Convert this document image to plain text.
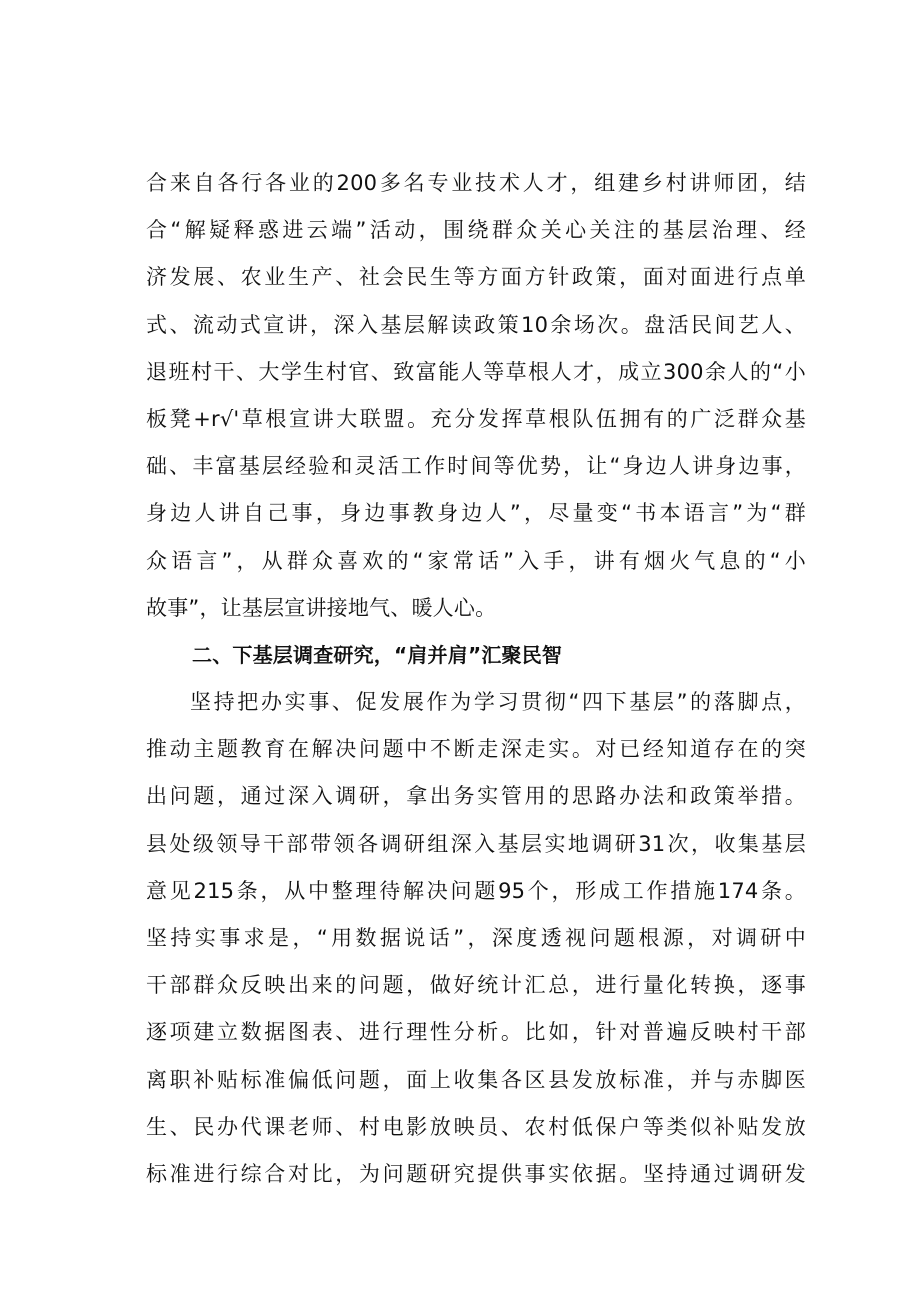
合来自各行各业的200多名专业技术人才，组建乡村讲师团，结
合“解疑释惑进云端”活动，围绕群众关心关注的基层治理、经
济发展、农业生产、社会民生等方面方针政策，面对面进行点单
式、流动式宣讲，深入基层解读政策10余场次。盘活民间艺人、
退班村干、大学生村官、致富能人等草根人才，成立300余人的“小
板凳+r√'草根宣讲大联盟。充分发挥草根队伍拥有的广泛群众基
础、丰富基层经验和灵活工作时间等优势，让“身边人讲身边事，
身边人讲自己事，身边事教身边人”，尽量变“书本语言”为“群
众语言”，从群众喜欢的“家常话”入手，讲有烟火气息的“小
故事”，让基层宣讲接地气、暖人心。
二、下基层调查研究，“肩并肩”汇聚民智
坚持把办实事、促发展作为学习贯彻“四下基层”的落脚点，
推动主题教育在解决问题中不断走深走实。对已经知道存在的突
出问题，通过深入调研，拿出务实管用的思路办法和政策举措。
县处级领导干部带领各调研组深入基层实地调研31次，收集基层
意见215条，从中整理待解决问题95个，形成工作措施174条。
坚持实事求是，“用数据说话”，深度透视问题根源，对调研中
干部群众反映出来的问题，做好统计汇总，进行量化转换，逐事
逐项建立数据图表、进行理性分析。比如，针对普遍反映村干部
离职补贴标准偏低问题，面上收集各区县发放标准，并与赤脚医
生、民办代课老师、村电影放映员、农村低保户等类似补贴发放
标准进行综合对比，为问题研究提供事实依据。坚持通过调研发
